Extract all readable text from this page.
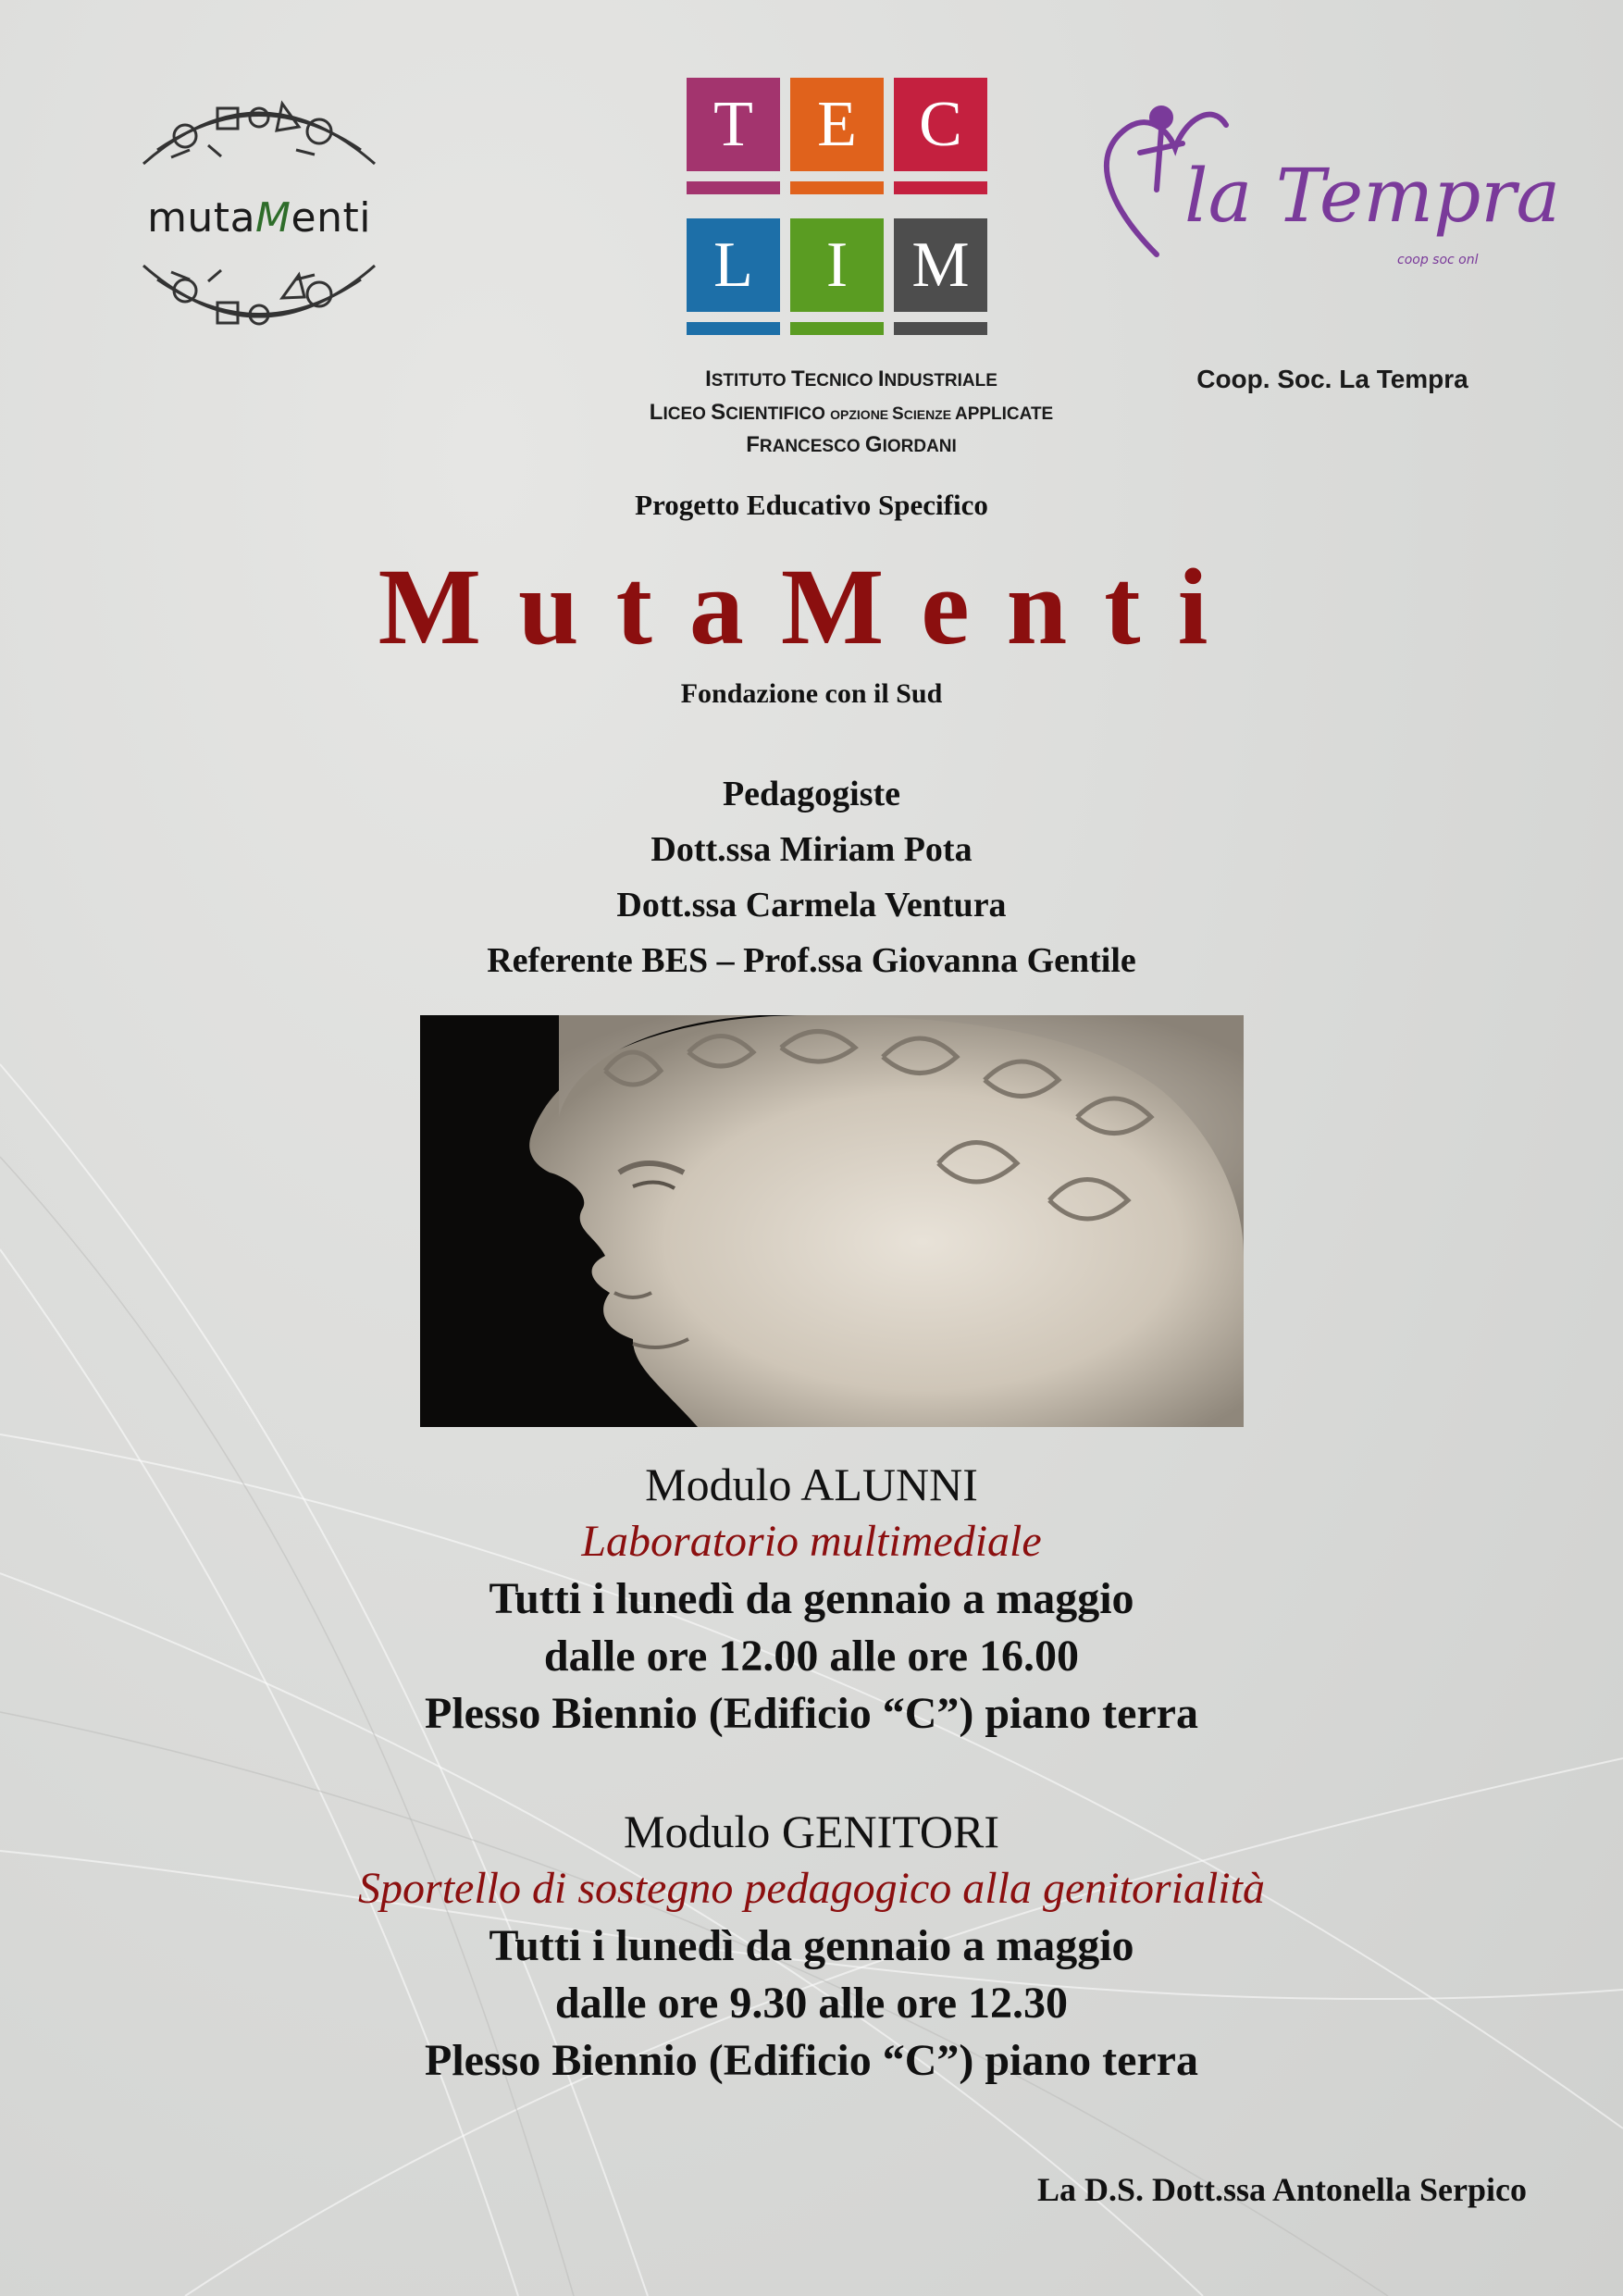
mutaMenti
T E C
L	I M
ISTITUTO TECNICO INDUSTRIALE
LICEO SCIENTIFICO OPZIONE SCIENZE APPLICATE
FRANCESCO GIORDANI
la Tempra
coop soc onl
Coop. Soc. La Tempra
Progetto Educativo Specifico
MutaMenti
Fondazione con il Sud
Pedagogiste
Dott.ssa Miriam Pota
Dott.ssa Carmela Ventura
Referente BES – Prof.ssa Giovanna Gentile
Modulo ALUNNI
Laboratorio multimediale
Tutti i lunedì da gennaio a maggio
dalle ore 12.00 alle ore 16.00
Plesso Biennio (Edificio “C”) piano terra
Modulo GENITORI
Sportello di sostegno pedagogico alla genitorialità
Tutti i lunedì da gennaio a maggio
dalle ore 9.30 alle ore 12.30
Plesso Biennio (Edificio “C”) piano terra
La D.S. Dott.ssa Antonella Serpico
